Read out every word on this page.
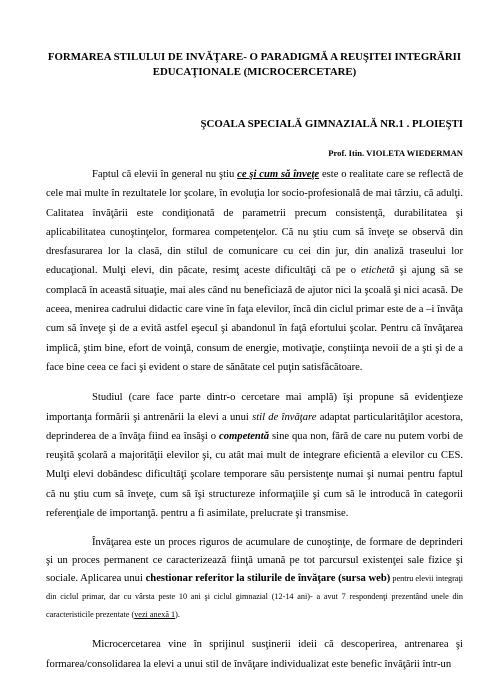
FORMAREA STILULUI DE INVĂŢARE- O PARADIGMĂ A REUŞITEI INTEGRĂRII EDUCAŢIONALE (MICROCERCETARE)
ŞCOALA SPECIALĂ GIMNAZIALĂ NR.1 . PLOIEŞTI
Prof. Itin. VIOLETA WIEDERMAN

Faptul că elevii în general nu ştiu ce şi cum să înveţe este o realitate care se reflectă de cele mai multe în rezultatele lor şcolare, în evoluţia lor socio-profesională de mai târziu, că adulţi. Calitatea învăţării este condiţionată de parametrii precum consistenţă, durabilitatea şi aplicabilitatea cunoştinţelor, formarea competenţelor. Că nu ştiu cum să înveţe se observă din dresfasurarea lor la clasă, din stilul de comunicare cu cei din jur, din analiză traseului lor educaţional. Mulţi elevi, din păcate, resimţ aceste dificultăţi că pe o etichetă şi ajung să se complacă în această situaţie, mai ales când nu beneficiază de ajutor nici la şcoală şi nici acasă. De aceea, menirea cadrului didactic care vine în faţa elevilor, încă din ciclul primar este de a –i învăţa cum să înveţe şi de a evită astfel eşecul şi abandonul în faţă efortului şcolar. Pentru că învăţarea implică, ştim bine, efort de voinţă, consum de energie, motivaţie, conştiinţa nevoii de a şti şi de a face bine ceea ce faci şi evident o stare de sănătate cel puţin satisfăcătoare.

Studiul (care face parte dintr-o cercetare mai amplă) îşi propune să evidenţieze importanţa formării şi antrenării la elevi a unui stil de învăţare adaptat particularităţilor acestora, deprinderea de a învăţa fiind ea însăşi o competentă sine qua non, fără de care nu putem vorbi de reuşită şcolară a majorităţii elevilor şi, cu atât mai mult de integrare eficientă a elevilor cu CES. Mulţi elevi dobândesc dificultăţi şcolare temporare său persistenţe numai şi numai pentru faptul că nu ştiu cum să înveţe, cum să îşi structureze informaţiile şi cum să le introducă în categorii referenţiale de importanţă. pentru a fi asimilate, prelucrate şi transmise.

Învăţarea este un proces riguros de acumulare de cunoştinţe, de formare de deprinderi şi un proces permanent ce caracterizează fiinţă umană pe tot parcursul existenţei sale fizice şi sociale. Aplicarea unui chestionar referitor la stilurile de învăţare (sursa web) pentru elevii integraţi din ciclul primar, dar cu vârsta peste 10 ani şi ciclul gimnazial (12-14 ani)- a avut 7 respondenţi prezentând unele din caracteristicile prezentate (vezi anexă 1).

Microcercetarea vine în sprijinul susţinerii ideii că descoperirea, antrenarea şi formarea/consolidarea la elevi a unui stil de învăţare individualizat este benefic învăţării într-un
